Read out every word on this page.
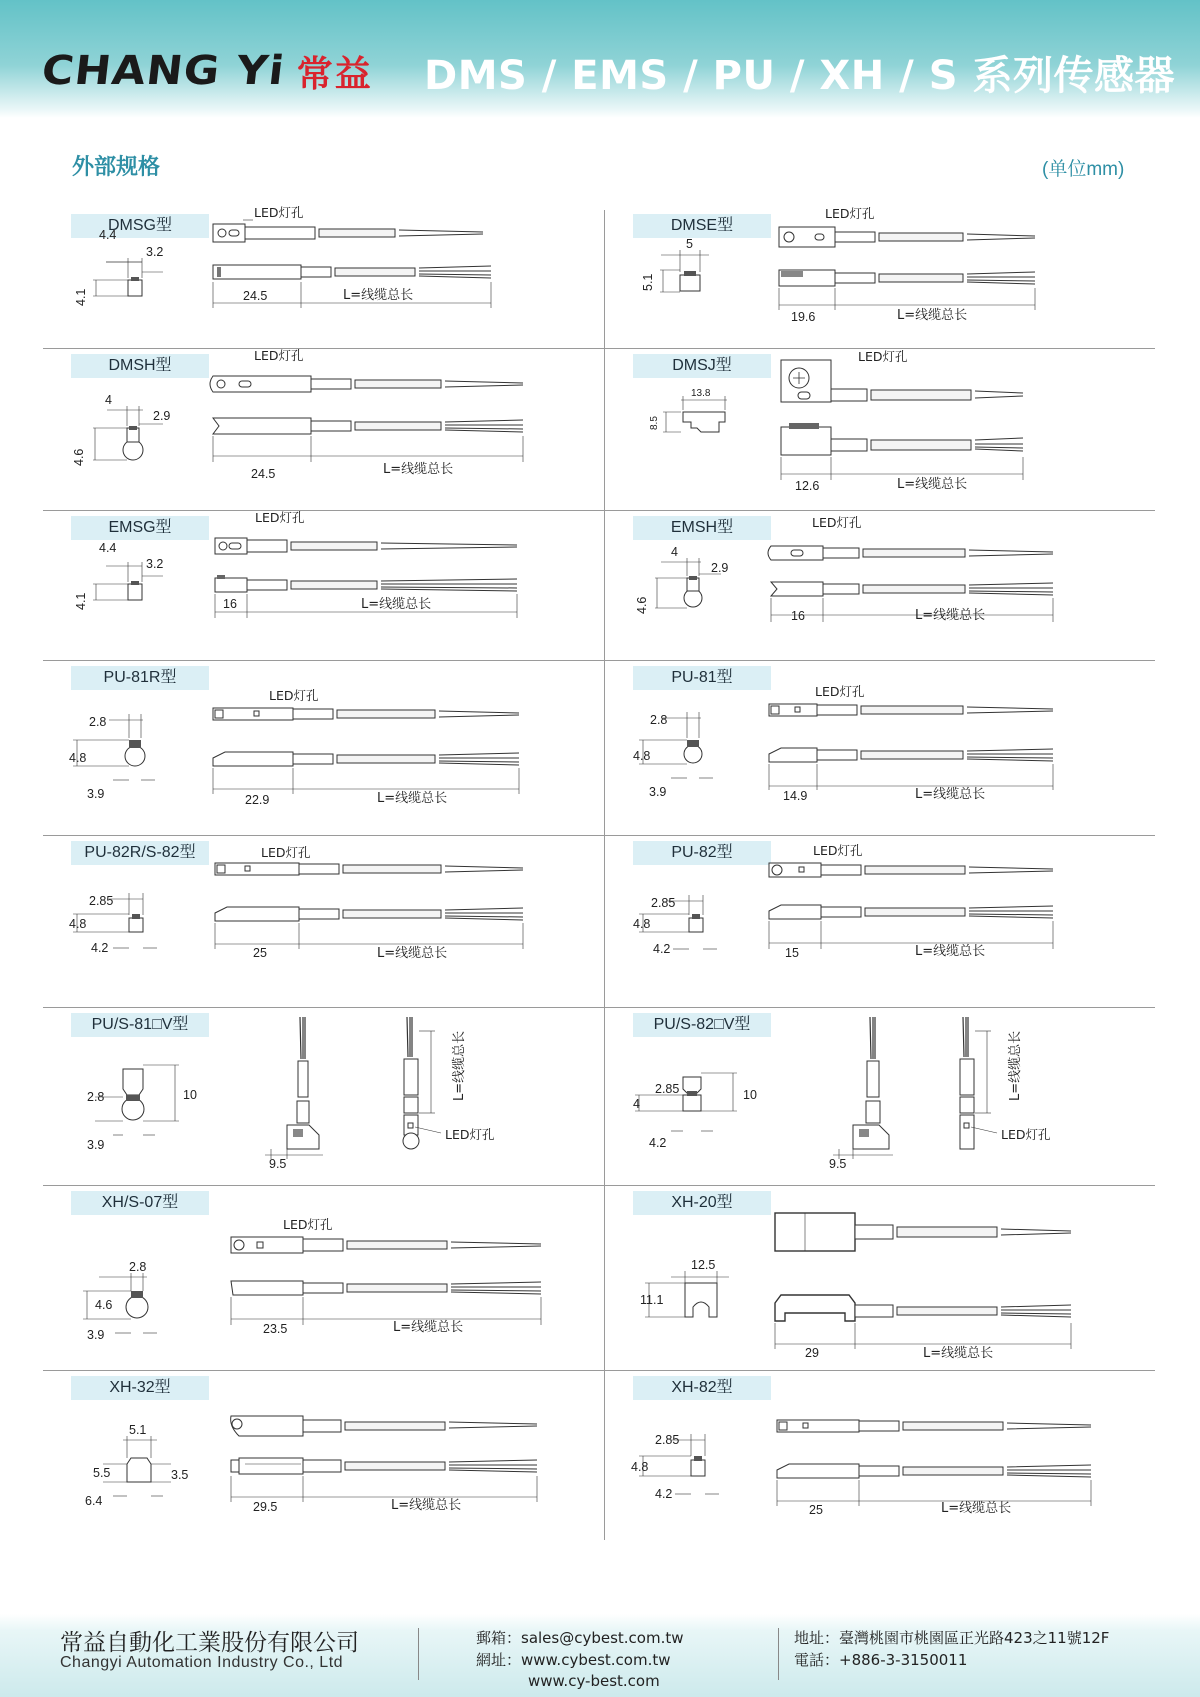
CHANG Yi 常益 DMS / EMS / PU / XH / S 系列传感器
外部规格	(单位mm)
DMSG型
4.4
3.2
4.1	24.5
LED灯孔
L=线缆总长
DMSE型
5
5.1
19.6
LED灯孔
L=线缆总长
DMSH型
4
2.9
4.6
24.5
LED灯孔
L=线缆总长
DMSJ型
13.8
8.5
12.6
LED灯孔
L=线缆总长
EMSG型
4.4
3.2
4.1	16
LED灯孔
L=线缆总长
EMSH型
4
2.9
4.6
16
LED灯孔
L=线缆总长
PU-81R型
2.8
4.8
3.9	22.9
LED灯孔
L=线缆总长
PU-81型
2.8
4.8
3.9	14.9
LED灯孔
L=线缆总长
PU-82R/S-82型
2.85
4.8
4.2	25
LED灯孔
L=线缆总长
PU-82型
2.85
4.8
4.2	15
LED灯孔
L=线缆总长
PU/S-81□V型
2.8	10
3.9
9.5
L=线缆总长
LED灯孔
PU/S-82□V型
2.85	10
4
4.2
9.5
L=线缆总长
LED灯孔
XH/S-07型
2.8
4.6
3.9	23.5
LED灯孔
L=线缆总长
XH-20型
12.5
11.1
29	L=线缆总长
XH-32型
5.1
5.5	3.5
6.4	29.5	L=线缆总长
XH-82型
2.85
4.8
4.2
25	L=线缆总长
常益自動化工業股份有限公司
Changyi Automation Industry Co., Ltd
郵箱：sales@cybest.com.tw
網址：www.cybest.com.tw
www.cy-best.com
地址：臺灣桃園市桃園區正光路423之11號12F
電話：+886-3-3150011
